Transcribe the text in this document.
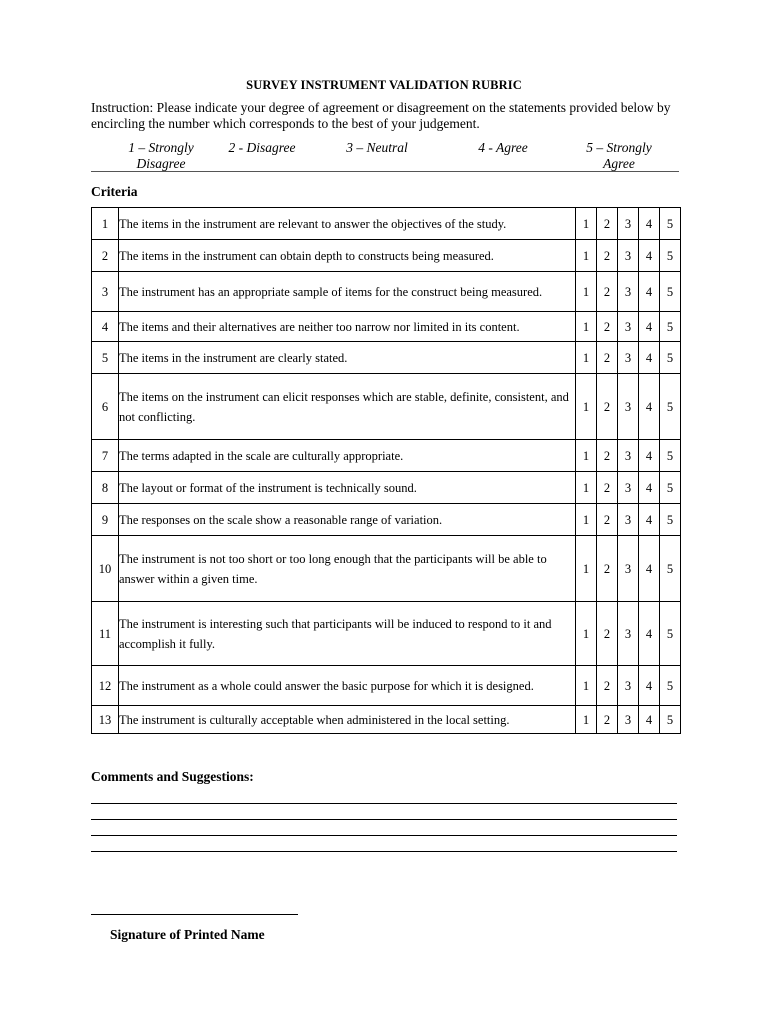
SURVEY INSTRUMENT VALIDATION RUBRIC
Instruction: Please indicate your degree of agreement or disagreement on the statements provided below by encircling the number which corresponds to the best of your judgement.
1 – Strongly
Disagree
2 - Disagree	3 – Neutral	4 - Agree	5 – Strongly
Agree
Criteria
1	The items in the instrument are relevant to answer the objectives of the study.	1	2	3	4	5
2	The items in the instrument can obtain depth to constructs being measured.	1	2	3	4	5
3	The instrument has an appropriate sample of items for the construct being measured.	1	2	3	4	5
4	The items and their alternatives are neither too narrow nor limited in its content.	1	2	3	4	5
5	The items in the instrument are clearly stated.	1	2	3	4	5
6	The items on the instrument can elicit responses which are stable, definite, consistent, and not conflicting.	1	2	3	4	5
7	The terms adapted in the scale are culturally appropriate.	1	2	3	4	5
8	The layout or format of the instrument is technically sound.	1	2	3	4	5
9	The responses on the scale show a reasonable range of variation.	1	2	3	4	5
10	The instrument is not too short or too long enough that the participants will be able to answer within a given time.	1	2	3	4	5
11	The instrument is interesting such that participants will be induced to respond to it and accomplish it fully.	1	2	3	4	5
12	The instrument as a whole could answer the basic purpose for which it is designed.	1	2	3	4	5
13	The instrument is culturally acceptable when administered in the local setting.	1	2	3	4	5
Comments and Suggestions:
Signature of Printed Name
